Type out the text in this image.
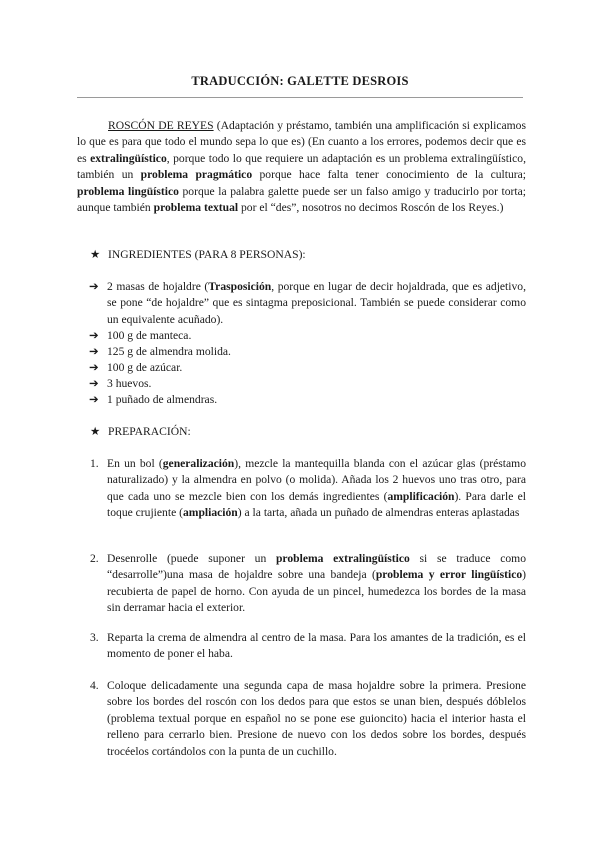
TRADUCCIÓN: GALETTE DESROIS
ROSCÓN DE REYES (Adaptación y préstamo, también una amplificación si explicamos lo que es para que todo el mundo sepa lo que es) (En cuanto a los errores, podemos decir que es es extralingüístico, porque todo lo que requiere un adaptación es un problema extralingüístico, también un problema pragmático porque hace falta tener conocimiento de la cultura; problema lingüístico porque la palabra galette puede ser un falso amigo y traducirlo por torta; aunque también problema textual por el “des”, nosotros no decimos Roscón de los Reyes.)
★ INGREDIENTES (PARA 8 PERSONAS):
➔ 2 masas de hojaldre (Trasposición, porque en lugar de decir hojaldrada, que es adjetivo, se pone “de hojaldre” que es sintagma preposicional. También se puede considerar como un equivalente acuñado).
➔ 100 g de manteca.
➔ 125 g de almendra molida.
➔ 100 g de azúcar.
➔ 3 huevos.
➔ 1 puñado de almendras.
★ PREPARACIÓN:
1. En un bol (generalización), mezcle la mantequilla blanda con el azúcar glas (préstamo naturalizado) y la almendra en polvo (o molida). Añada los 2 huevos uno tras otro, para que cada uno se mezcle bien con los demás ingredientes (amplificación). Para darle el toque crujiente (ampliación) a la tarta, añada un puñado de almendras enteras aplastadas
2. Desenrolle (puede suponer un problema extralingüístico si se traduce como “desarrolle”)una masa de hojaldre sobre una bandeja (problema y error lingüístico) recubierta de papel de horno. Con ayuda de un pincel, humedezca los bordes de la masa sin derramar hacia el exterior.
3. Reparta la crema de almendra al centro de la masa. Para los amantes de la tradición, es el momento de poner el haba.
4. Coloque delicadamente una segunda capa de masa hojaldre sobre la primera. Presione sobre los bordes del roscón con los dedos para que estos se unan bien, después dóblelos (problema textual porque en español no se pone ese guioncito) hacia el interior hasta el relleno para cerrarlo bien. Presione de nuevo con los dedos sobre los bordes, después trocéelos cortándolos con la punta de un cuchillo.
